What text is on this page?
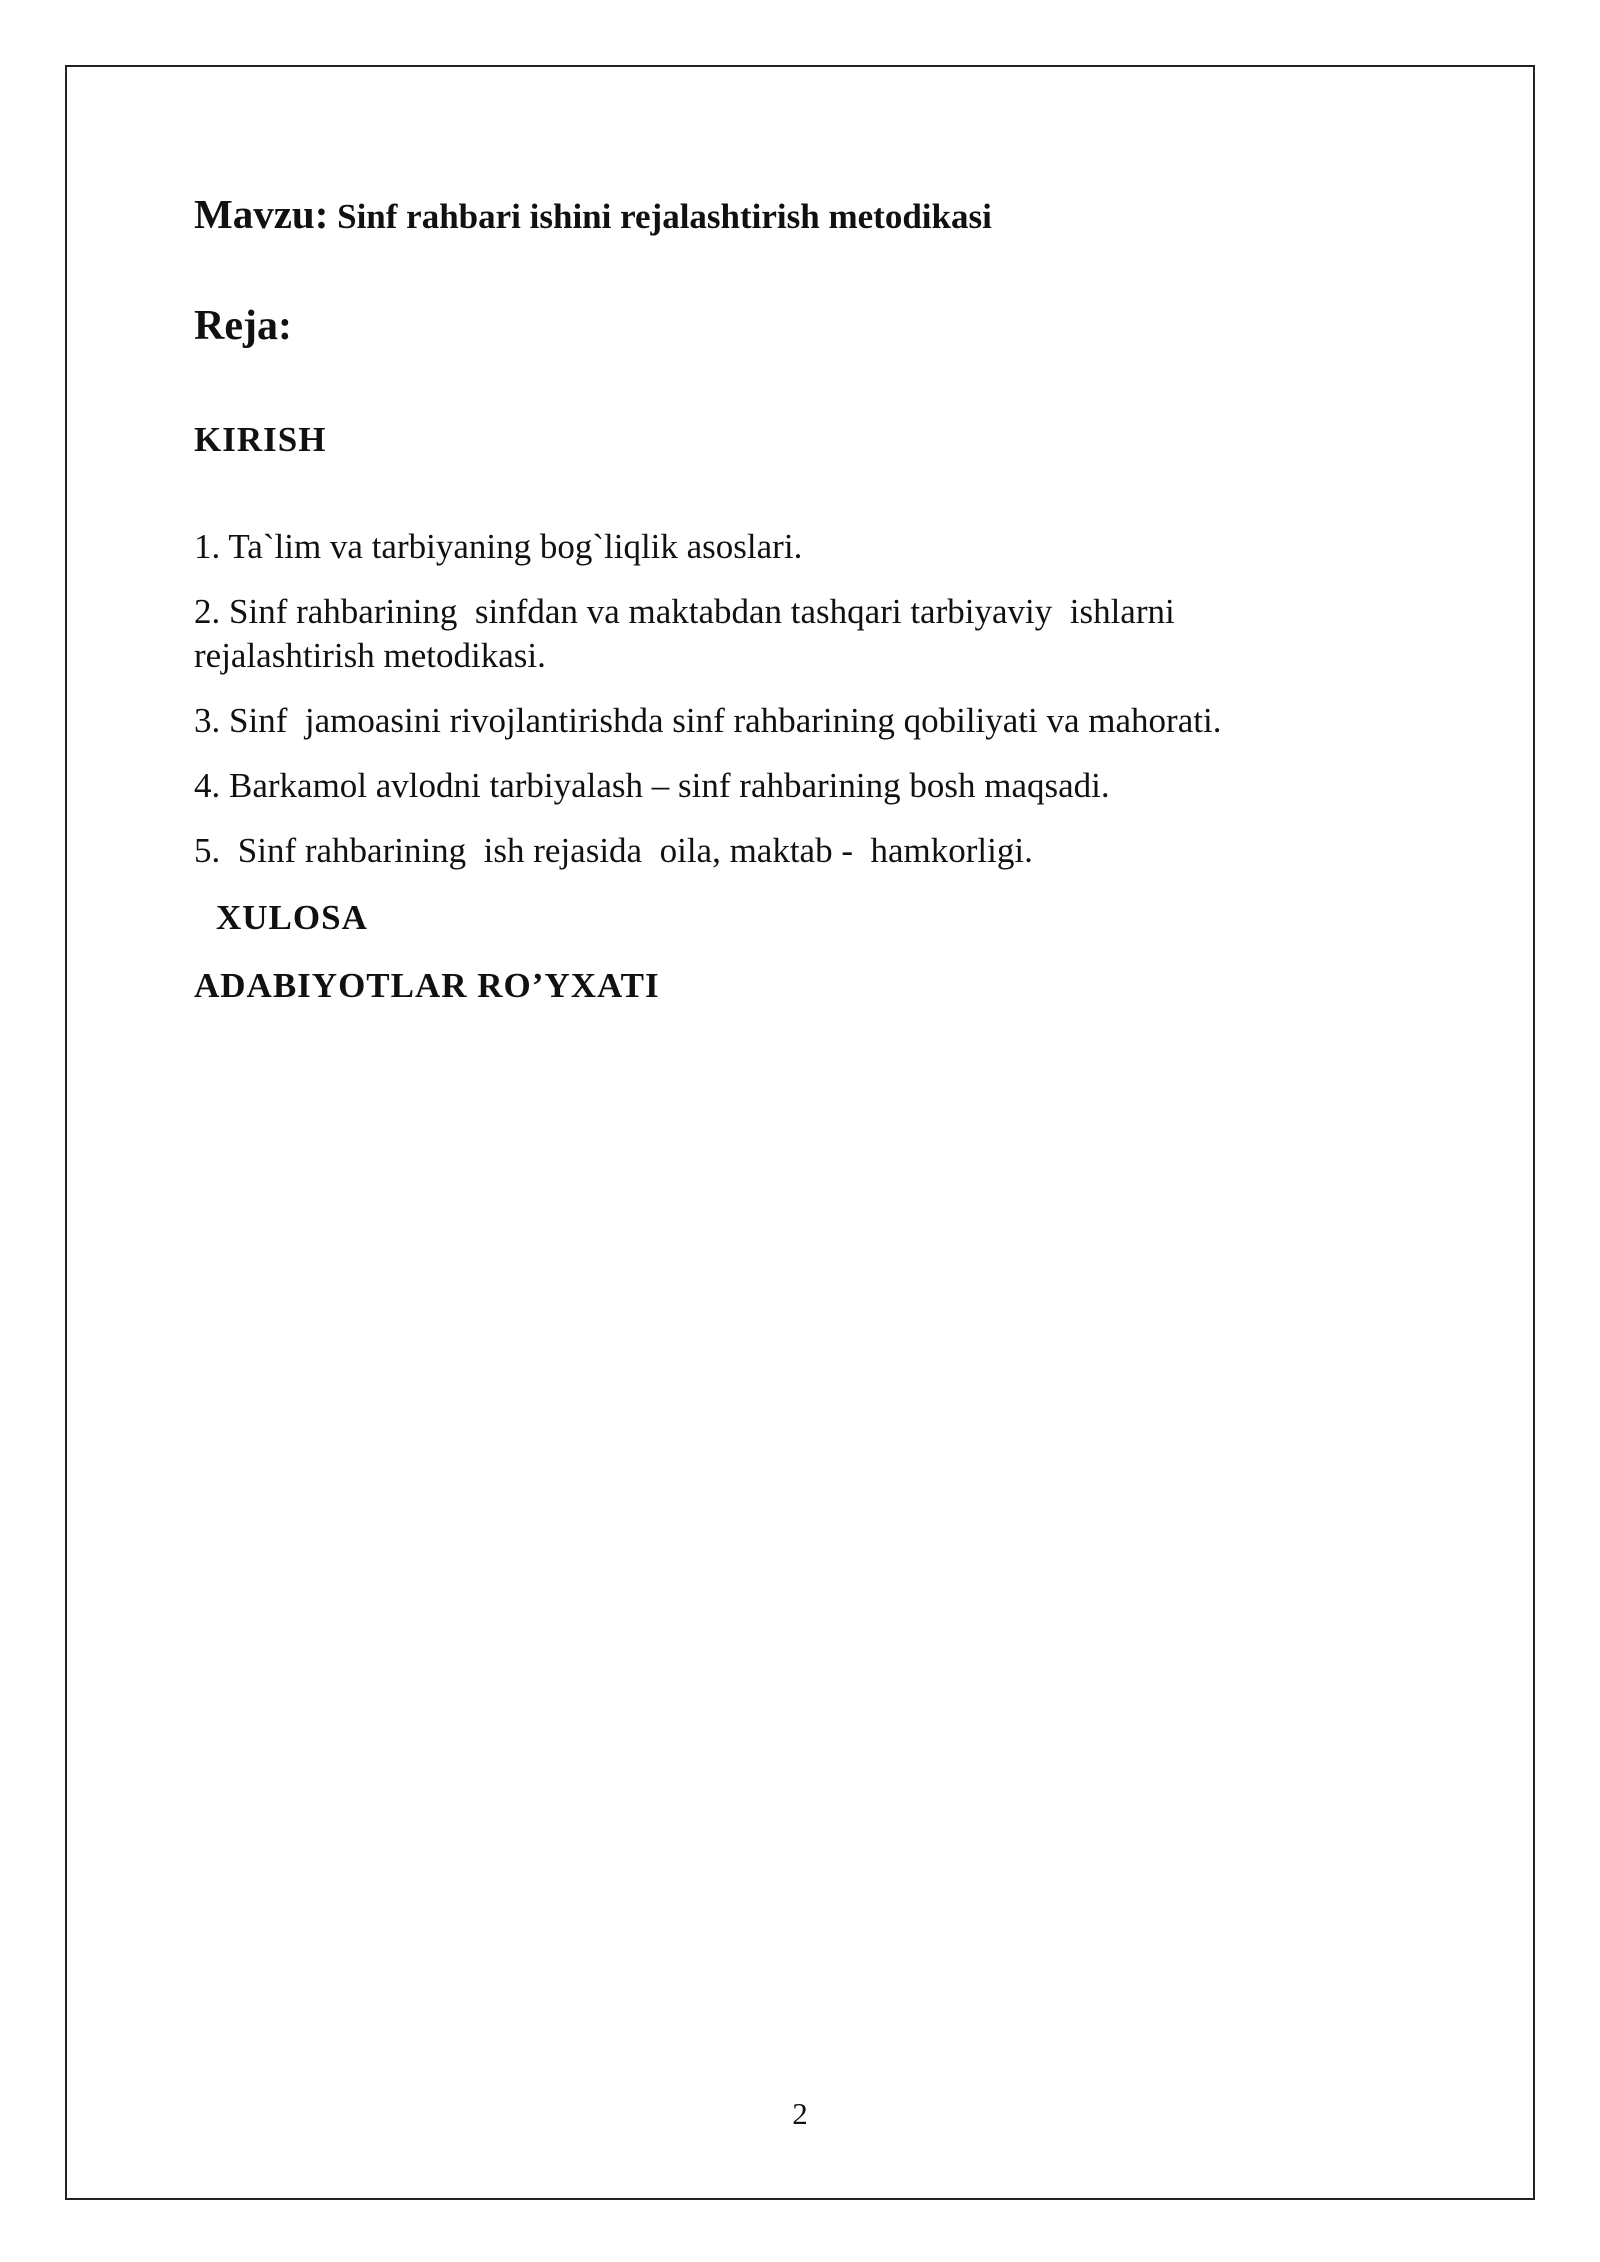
Mavzu: Sinf rahbari ishini rejalashtirish metodikasi

Reja:

KIRISH

1. Ta`lim va tarbiyaning bog`liqlik asoslari.
2. Sinf rahbarining  sinfdan va maktabdan tashqari tarbiyaviy  ishlarni rejalashtirish metodikasi.
3. Sinf  jamoasini rivojlantirishda sinf rahbarining qobiliyati va mahorati.
4. Barkamol avlodni tarbiyalash – sinf rahbarining bosh maqsadi.
5.  Sinf rahbarining  ish rejasida  oila, maktab -  hamkorligi.

XULOSA

ADABIYOTLAR RO’YXATI

2
